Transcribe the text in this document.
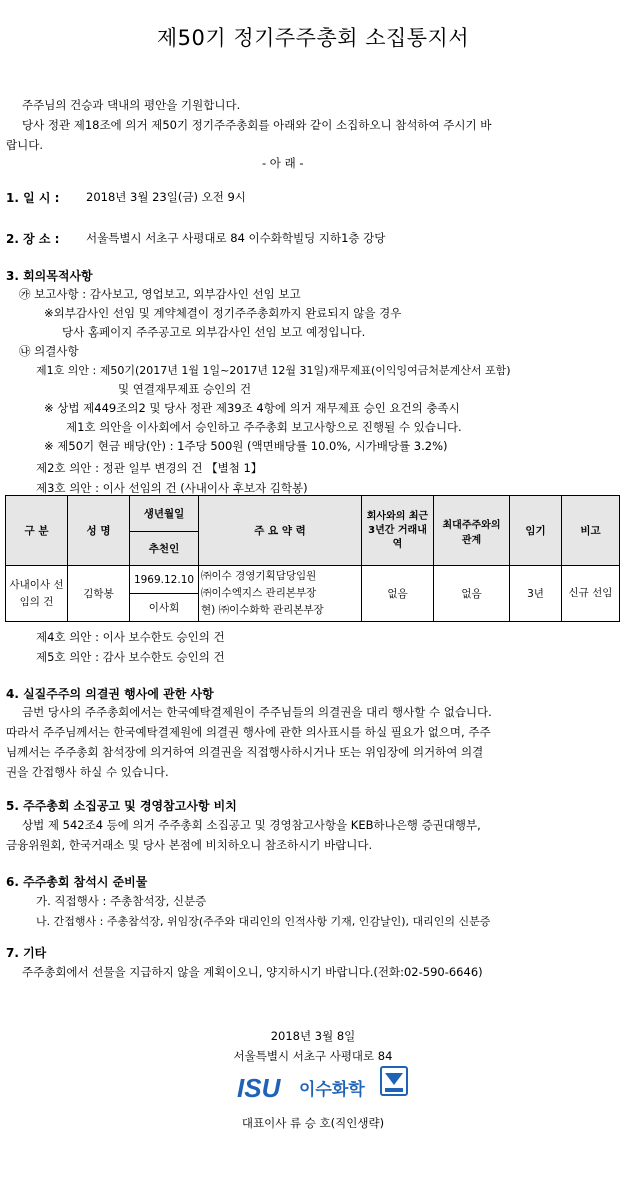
제50기 정기주주총회 소집통지서
주주님의 건승과 댁내의 평안을 기원합니다.
당사 정관 제18조에 의거 제50기 정기주주총회를 아래와 같이 소집하오니 참석하여 주시기 바
랍니다.
- 아 래 -
1. 일 시 : 2018년 3월 23일(금) 오전 9시
2. 장 소 : 서울특별시 서초구 사평대로 84 이수화학빌딩 지하1층 강당
3. 회의목적사항
㉮ 보고사항 : 감사보고, 영업보고, 외부감사인 선임 보고
※외부감사인 선임 및 계약체결이 정기주주총회까지 완료되지 않을 경우
당사 홈페이지 주주공고로 외부감사인 선임 보고 예정입니다.
㉯ 의결사항
제1호 의안 : 제50기(2017년 1월 1일~2017년 12월 31일)재무제표(이익잉여금처분계산서 포함)
및 연결재무제표 승인의 건
※ 상법 제449조의2 및 당사 정관 제39조 4항에 의거 재무제표 승인 요건의 충족시
제1호 의안을 이사회에서 승인하고 주주총회 보고사항으로 진행될 수 있습니다.
※ 제50기 현금 배당(안) : 1주당 500원 (액면배당률 10.0%, 시가배당률 3.2%)
제2호 의안 : 정관 일부 변경의 건 【별첨 1】
제3호 의안 : 이사 선임의 건 (사내이사 후보자 김학봉)
구 분	성 명	생년월일	주 요 약 력	회사와의 최근 3년간 거래내역	최대주주와의 관계	임기	비고
		추천인					
사내이사 선임의 건	김학봉	1969.12.10	㈜이수 경영기획담당임원
㈜이수엑지스 관리본부장
현) ㈜이수화학 관리본부장	없음	없음	3년	신규 선임
		이사회					
제4호 의안 : 이사 보수한도 승인의 건
제5호 의안 : 감사 보수한도 승인의 건
4. 실질주주의 의결권 행사에 관한 사항
금번 당사의 주주총회에서는 한국예탁결제원이 주주님들의 의결권을 대리 행사할 수 없습니다.
따라서 주주님께서는 한국예탁결제원에 의결권 행사에 관한 의사표시를 하실 필요가 없으며, 주주
님께서는 주주총회 참석장에 의거하여 의결권을 직접행사하시거나 또는 위임장에 의거하여 의결
권을 간접행사 하실 수 있습니다.
5. 주주총회 소집공고 및 경영참고사항 비치
상법 제 542조4 등에 의거 주주총회 소집공고 및 경영참고사항을 KEB하나은행 증권대행부,
금융위원회, 한국거래소 및 당사 본점에 비치하오니 참조하시기 바랍니다.
6. 주주총회 참석시 준비물
가. 직접행사 : 주총참석장, 신분증
나. 간접행사 : 주총참석장, 위임장(주주와 대리인의 인적사항 기재, 인감날인), 대리인의 신분증
7. 기타
주주총회에서 선물을 지급하지 않을 계획이오니, 양지하시기 바랍니다.(전화:02-590-6646)
2018년 3월 8일
서울특별시 서초구 사평대로 84
ISU 이수화학
대표이사 류 승 호(직인생략)
